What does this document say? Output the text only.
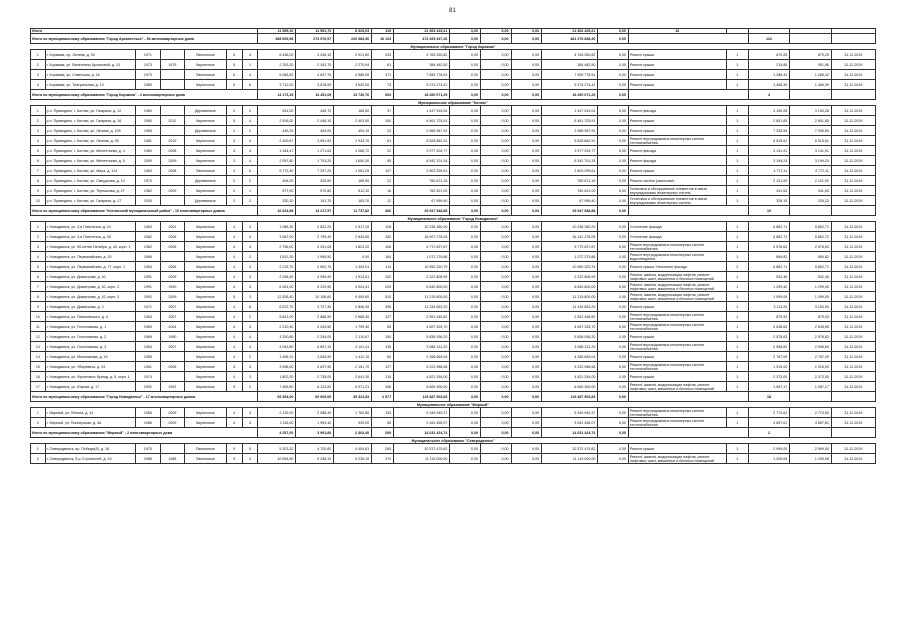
81
Итого							11 599,10	11 591,70	8 329,03	119	21 363 425,21	0,00	0,00	0,00	21 362 425,21	0,00	16				
Итого по муниципальному образованию "Город Архангельск" - 94 многоквартирных дома							368 609,58	273 976,57	220 683,30	16 123	472 269 437,26	0,00	0,00	0,00	481 276 838,30	0,00			122		
Муниципальное образование "Город Коряжма"																					
1	г. Коряжма, пр. Ленина, д. 30	1971		Панельные	5	4	6 438,00	3 436,10	2 921,80	233	4 763 250,82	0,00	0,00	0,00	4 763 250,82	0,00	Ремонт крыши	1	870,25	870,25	31.12.2019
2	г. Коряжма, ул. Валентины Архиповой, д. 13	1973	1975	Кирпичные	5	1	2 253,20	2 342,70	2 270,94	81	384 482,50	0,00	0,00	0,00	384 482,50	0,00	Ремонт крыши	1	215,86	951,96	31.12.2019
3	г. Коряжма, ул. Советская, д. 16	1973		Панельные	5	4	5 065,52	4 837,70	4 585,00	171	7 555 778,51	0,00	0,00	0,00	7 555 778,51	0,00	Ремонт крыши	1	1 288,42	1 288,42	31.12.2019
4	г. Коряжма, ул. Театральная, д. 13	1989		Кирпичные	5	6	3 712,02	3 678,00	3 642,00	73	5 374 274,41	0,00	0,00	0,00	5 374 274,41	0,00	Ремонт крыши	1	1 466,39	1 466,39	31.12.2019
Итого по муниципальному образованию "Город Коряжма" - 4 многоквартирных дома							14 173,15	13 451,09	13 730,76	604	18 260 071,29	0,00	0,00	0,00	18 260 071,29	0,00			4		
Муниципальное образование "Котлас"																					
1	р.п. Приводино, г. Котлас, ул. Гагарина, д. 12	1960		Деревянные	2	2	531,00	445,70	165,50	37	1 447 515,04	0,00	0,00	0,00	1 447 515,04	0,00	Ремонт фасада	1	3 150,28	3 150,28	31.12.2019
2	р.п. Приводино, г. Котлас, ул. Гагарина, д. 16	1980	2012	Кирпичные	5	4	2 916,02	2 446,10	2 403,90	100	6 461 703,91	0,00	0,00	0,00	6 461 703,91	0,00	Ремонт крыши	1	2 651,65	2 651,65	31.12.2019
3	р.п. Приводино, г. Котлас, ул. Ленина, д. 105	1965		Деревянные	2	2	445,20	404,00	404,10	22	2 965 967,92	0,00	0,00	0,00	2 965 967,92	0,00	Ремонт крыши	1	7 335,59	7 335,59	31.12.2019
4	р.п. Приводино, г. Котлас, ул. Ленина, д. 05	1981	2019	Кирпичные	3	4	2 400,67	1 591,93	1 943,70	61	5 528 862,91	0,00	0,00	0,00	5 528 862,91	0,00	Ремонт внутридомовых инженерных систем теплоснабжения	1	6 515,61	6 515,61	31.12.2019
5	р.п. Приводино, г. Котлас, ул. Мелентьева, д. 4	1960	2008	Кирпичные	3	4	1 344,47	1 271,63	1 266,72	22	3 977 204,77	0,00	0,00	0,00	3 977 204,77	0,00	Ремонт фасада	1	3 141,91	3 141,91	31.12.2019
6	р.п. Приводино, г. Котлас, ул. Мелентьева, д. 5	1959	2009	Кирпичные	3	4	2 097,60	1 703,20	1 650,30	55	6 542 701,34	0,00	0,00	0,00	6 542 701,34	0,00	Ремонт фасада	1	3 199,24	3 199,24	31.12.2019
7	р.п. Приводино, г. Котлас, ул. Мира, д. 124	1963	2008	Панельные	3	6	5 772,40	7 297,20	1 061,25	107	2 803 299,61	0,00	0,00	0,00	2 803 299,61	0,00	Ремонт крыши	1	4 772,11	4 772,11	31.12.2019
8	р.п. Приводино, г. Котлас, ул. Свердлова, д. 10	1970		Деревянные	2	2	406,20	329,60	169,50	22	760 671,15	0,00	0,00	0,00	760 671,15	0,00	Ремонт систем (свальные)	1	2 191,00	2 191,00	31.12.2019
9	р.п. Приводино, г. Котлас, ул. Терешкова, д. 27	1962	2009	Кирпичные	2	1	577,50	570,80	512,30	16	782 521,00	0,00	0,00	0,00	782 521,00	0,00	Установка и обслуживание элементов в связи внутридомовых инженерных систем	1	341,53	341,53	31.12.2019
10	р.п. Приводино, г. Котлас, ул. Гагарина, д. 17	1934		Деревянные	2	2	330,10	191,70	163,70	12	67 999,40	0,00	0,00	0,00	67 999,40	0,00	Установка и обслуживание элементов в связи внутридомовых инженерных систем	1	328,15	328,15	31.12.2019
Итого по муниципальному образованию "Котласский муниципальный район" - 10 многоквартирных домов							16 623,88	13 217,97	11 737,82	366	29 947 548,88	0,00	0,00	0,00	29 947 548,88	0,00			10		
Муниципальное образование "Город Новодвинск"																					
1	г. Новодвинск, ул. 3-я Пятилетка, д. 24	1963	2001	Кирпичные	4	3	1 088,30	2 822,20	2 617,20	128	10 236 380,20	0,00	0,00	0,00	10 236 380,20	0,00	Утепление фасада	1	5 862,71	5 862,72	31.12.2019
2	г. Новодвинск, ул. 3-я Пятилетка, д. 28	1962	2006	Кирпичные	4	4	3 067,00	2 799,40	2 844,80	152	16 907 276,05	0,00	0,00	0,00	16 141 276,05	0,00	Утепление фасада	1	5 862,71	5 862,72	31.12.2019
3	г. Новодвинск, ул. 50-летия Октября, д. 40, корп. 1	1962	2006	Кирпичные	4	4	2 796,00	2 251,08	1 823,20	106	5 772 637,87	0,00	0,00	0,00	5 772 637,87	0,00	Ремонт внутридомовых инженерных систем теплоснабжения	1	2 578,63	2 578,63	31.12.2019
4	г. Новодвинск, ул. Первомайская, д. 20	1966		Кирпичные	4	2	1 512,30	1 969,50	0,00	164	1 072 279,86	0,00	0,00	0,00	1 072 279,86	0,00	Ремонт внутридомовых инженерных систем водоотведения	1	869,82	869,82	31.12.2019
5	г. Новодвинск, ул. Первомайская, д. 77, корп. 1	1964	2006	Кирпичные	4	3	2 215,70	2 602,70	1 304,01	114	10 950 320,79	0,00	0,00	0,00	10 950 320,79	0,00	Ремонт крыши Утепление фасада	2	5 862,71	5 862,72	31.12.2019
6	г. Новодвинск, ул. Димитрова, д. 40	1991	2009	Кирпичные	4	3	2 098,40	4 096,90	1 514,51	102	2 222 806,99	0,00	0,00	0,00	2 222 806,99	0,00	Ремонт, замена, модернизация лифтов, ремонт лифтовых шахт, машинных и блочных помещений	1	542,46	542,46	31.12.2019
7	г. Новодвинск, ул. Димитрова, д. 40, корп. 2	1991	1990	Кирпичные	4	3	6 261,00	5 229,90	4 924,41	209	6 640 800,00	0,00	0,00	0,00	6 640 800,00	0,00	Ремонт, замена, модернизация лифтов, ремонт лифтовых шахт, машинных и блочных помещений	1	1 299,40	1 299,40	31.12.2019
8	г. Новодвинск, ул. Димитрова, д. 42, корп. 3	1992	2009	Кирпичные	5	3	12 828,40	10 106,60	9 409,60	510	11 215 800,00	0,00	0,00	0,00	11 215 800,00	0,00	Ремонт, замена, модернизация лифтов, ремонт лифтовых шахт, машинных и блочных помещений	1	1 099,09	1 099,09	31.12.2019
9	г. Новодвинск, ул. Димитрова, д. 3	1971	2007	Кирпичные	4	8	6 572,70	3 727,40	2 846,30	395	11 334 653,20	0,00	0,00	0,00	11 334 653,20	0,00	Ремонт крыши	1	3 113,00	3 153,00	31.12.2019
10	г. Новодвинск, ул. Пахачевского, д. 4	1964	2007	Кирпичные	4	2	5 841,00	2 886,50	2 685,40	127	2 551 446,82	0,00	0,00	0,00	2 551 446,82	0,00	Ремонт внутридомовых инженерных систем теплоснабжения	1	875,93	875,93	31.12.2019
11	г. Новодвинск, ул. Гоночникова, д. 1	1969	2004	Кирпичные	4	3	2 210,40	2 043,50	1 799,40	85	4 697 325,70	0,00	0,00	0,00	4 697 325,70	0,00	Ремонт внутридомовых инженерных систем теплоснабжения	1	2 638,65	2 638,65	31.12.2019
12	г. Новодвинск, ул. Гоночникова, д. 2	1969	1990	Кирпичные	4	4	3 330,80	2 294,00	2 110,67	150	5 838 936,20	0,00	0,00	0,00	5 838 936,20	0,00	Ремонт крыши	1	2 578,63	2 578,63	31.12.2019
13	г. Новодвинск, ул. Гоночникова, д. 3	1964	2007	Кирпичные	4	4	4 043,80	5 607,10	3 101,41	135	3 088 131,20	0,00	0,00	0,00	3 088 131,20	0,00	Ремонт внутридомовых инженерных систем теплоснабжения	1	2 598,60	2 598,60	31.12.2019
14	г. Новодвинск, ул. Мельникова, д. 19	1959		Кирпичные	4	2	1 496,10	1 545,90	1 412,10	60	4 356 669,04	0,00	0,00	0,00	4 356 669,04	0,00	Ремонт крыши	1	2 787,09	2 787,09	31.12.2019
15	г. Новодвинск, ул. Уборевича, д. 33	1961	2005	Кирпичные	3	3	3 998,00	2 637,90	2 151,70	127	5 222 988,58	0,00	0,00	0,00	5 222 988,58	0,00	Ремонт внутридомовых инженерных систем теплоснабжения	1	1 915,00	1 915,00	31.12.2019
16	г. Новодвинск, ул. Фронтовых бригад, д. 5, корп. 1	1974		Кирпичные	4	3	1 802,20	2 735,00	2 641,30	110	4 821 254,00	0,00	0,00	0,00	4 821 254,00	0,00	Ремонт крыши	1	2 373,00	2 373,00	31.12.2019
17	г. Новодвинск, ул. Южная, д. 17	1992	1992	Кирпичные	9	2	7 459,60	6 123,60	5 971,21	286	6 669 300,00	0,00	0,00	0,00	6 669 300,00	0,00	Ремонт, замена, модернизация лифтов, ремонт лифтовых шахт, машинных и блочных помещений	1	1 087,17	1 087,17	31.12.2019
Итого по муниципальному образованию "Город Новодвинск" - 17 многоквартирных домов							69 394,00	60 609,00	39 323,83	2 977	119 487 903,83	0,00	0,00	0,00	119 487 903,83	0,00			18		
Муниципальное образование "Мирный"																					
1	г. Мирный, ул. Ленина, д. 41	1965	2009	Кирпичные	4	3	2 139,20	2 088,40	1 762,80	153	5 349 949,37	0,00	0,00	0,00	5 349 949,37	0,00	Ремонт внутридомовых инженерных систем теплоснабжения	1	2 774,63	2 774,63	31.12.2019
2	г. Мирный, ул. Пионерская, д. 3а	1966	2009	Кирпичные	4	3	2 118,00	1 993,40	939,00	55	9 281 455,07	0,00	0,00	0,00	9 281 455,07	0,00	Ремонт внутридомовых инженерных систем теплоснабжения	1	4 657,61	4 657,61	31.12.2019
Итого по муниципальному образованию "Мирный" - 2 многоквартирных дома							4 257,00	3 991,80	2 302,40	209	14 631 424,74	0,00	0,00	0,00	14 631 424,74	0,00			2		
Муниципальное образование "Северодвинск"																					
1	г. Северодвинск, пр. Победы(б), д. 18	1975		Панельные	9	5	5 323,32	4 720,60	4 454,81	265	32 572 479,82	0,00	0,00	0,00	32 572 479,82	0,00	Ремонт крыши	1	2 999,00	2 999,00	31.12.2019
2	г. Северодвинск, б-р Строителей, д. 19	1988	1988	Панельные	9	3	10 894,60	9 258,10	9 235,10	370	11 115 000,00	0,00	0,00	0,00	11 115 000,00	0,00	Ремонт, замена, модернизация лифтов, ремонт лифтовых шахт, машинных и блочных помещений	1	1 205,08	1 205,08	31.12.2019
